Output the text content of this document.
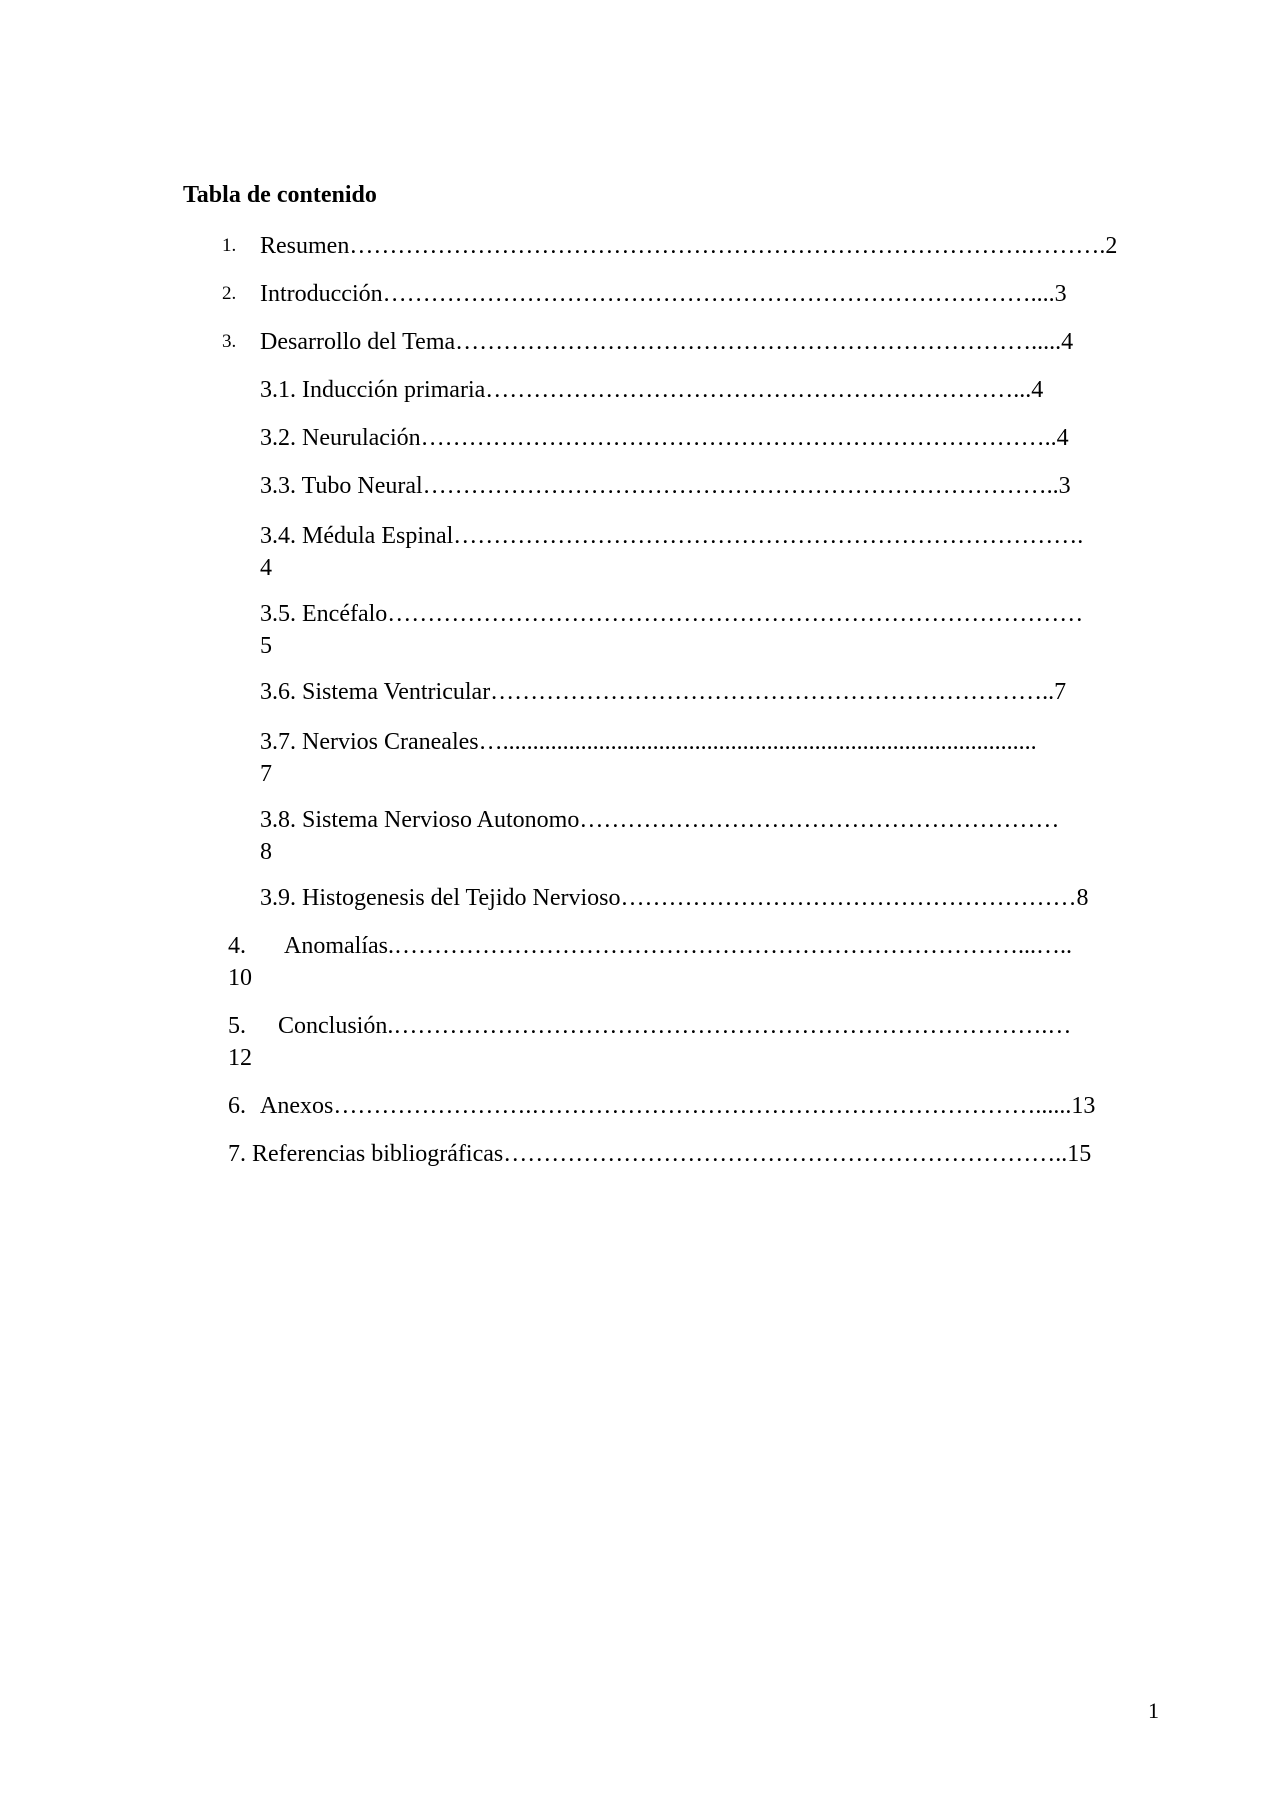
Tabla de contenido
1. Resumen………………………………………………………………………….……….2
2. Introducción………………………………………………………………………....3
3. Desarrollo del Tema……………………………………………………………….....4
3.1. Inducción primaria…………………………………………………………...4
3.2. Neurulación……………………………………………………………………..4
3.3. Tubo Neural……………………………………………………………………..3
3.4. Médula Espinal…………………………………………………………………….
4
3.5. Encéfalo……………………………………………………………………………
5
3.6. Sistema Ventricular……………………………………………………………..7
3.7. Nervios Craneales….........................................................................................
7
3.8. Sistema Nervioso Autonomo……………………………………………………
8
3.9. Histogenesis del Tejido Nervioso…………………………………………………8
4. Anomalías.……………………………………………………………………...…..
10
5. Conclusión.……………………………………………………………………….…
12
6. Anexos…………………….………………………………………………………......13
7. Referencias bibliográficas……………………………………………………………..15
1
